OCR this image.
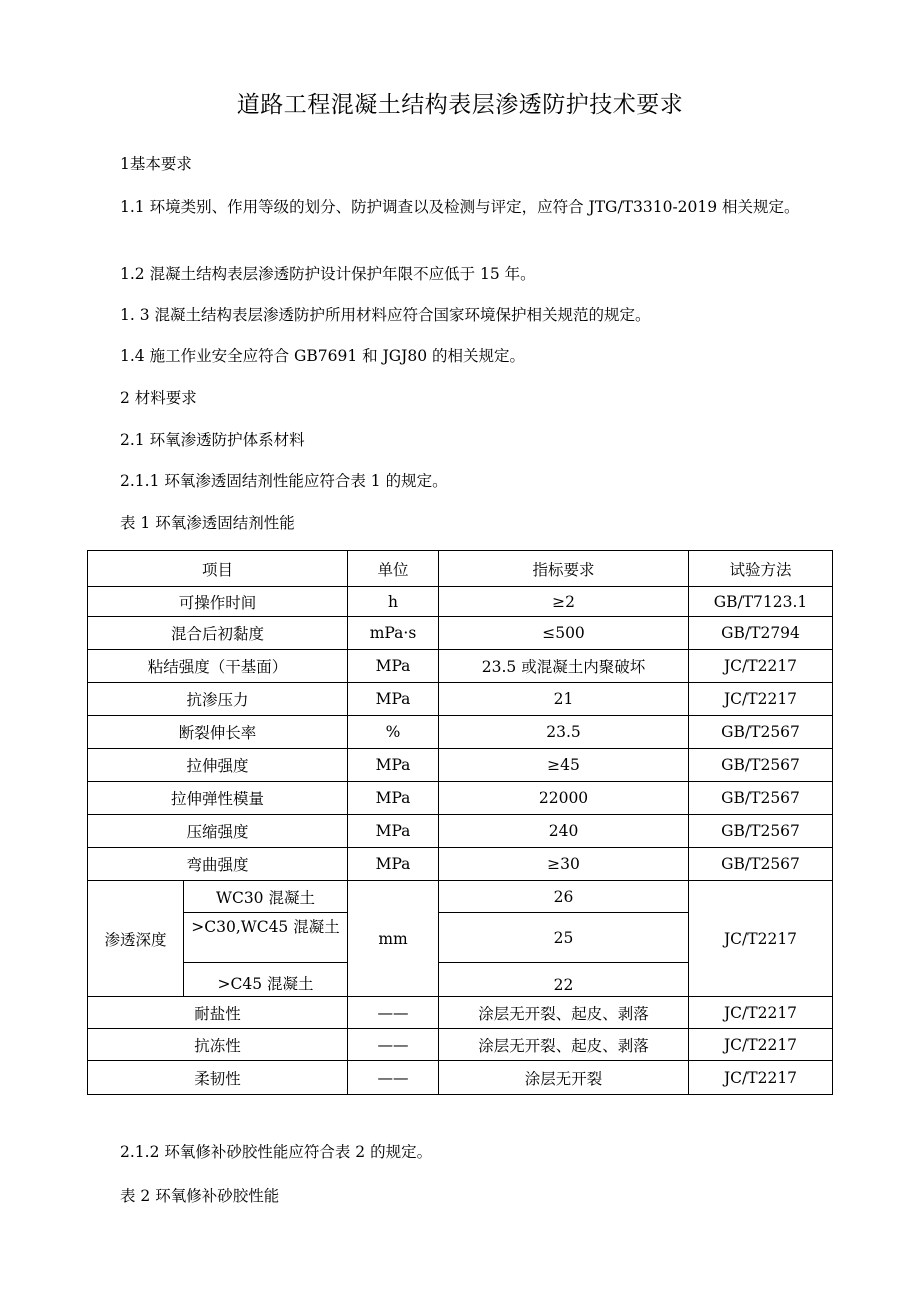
道路工程混凝土结构表层渗透防护技术要求
1基本要求
1.1 环境类别、作用等级的划分、防护调查以及检测与评定，应符合 JTG/T3310-2019 相关规定。
1.2 混凝土结构表层渗透防护设计保护年限不应低于 15 年。
1. 3 混凝土结构表层渗透防护所用材料应符合国家环境保护相关规范的规定。
1.4 施工作业安全应符合 GB7691 和 JGJ80 的相关规定。
2 材料要求
2.1 环氧渗透防护体系材料
2.1.1 环氧渗透固结剂性能应符合表 1 的规定。
表 1 环氧渗透固结剂性能
项目		单位	指标要求	试验方法
可操作时间		h	≥2	GB/T7123.1
混合后初黏度		mPa·s	≤500	GB/T2794
粘结强度（干基面）		MPa	23.5 或混凝土内聚破坏	JC/T2217
抗渗压力		MPa	21	JC/T2217
断裂伸长率		%	23.5	GB/T2567
拉伸强度		MPa	≥45	GB/T2567
拉伸弹性模量		MPa	22000	GB/T2567
压缩强度		MPa	240	GB/T2567
弯曲强度		MPa	≥30	GB/T2567
渗透深度	WC30 混凝土	mm	26	JC/T2217
	>C30,WC45 混凝土		25	
	>C45 混凝土		22	
耐盐性		——	涂层无开裂、起皮、剥落	JC/T2217
抗冻性		——	涂层无开裂、起皮、剥落	JC/T2217
柔韧性		——	涂层无开裂	JC/T2217
2.1.2 环氧修补砂胶性能应符合表 2 的规定。
表 2 环氧修补砂胶性能
